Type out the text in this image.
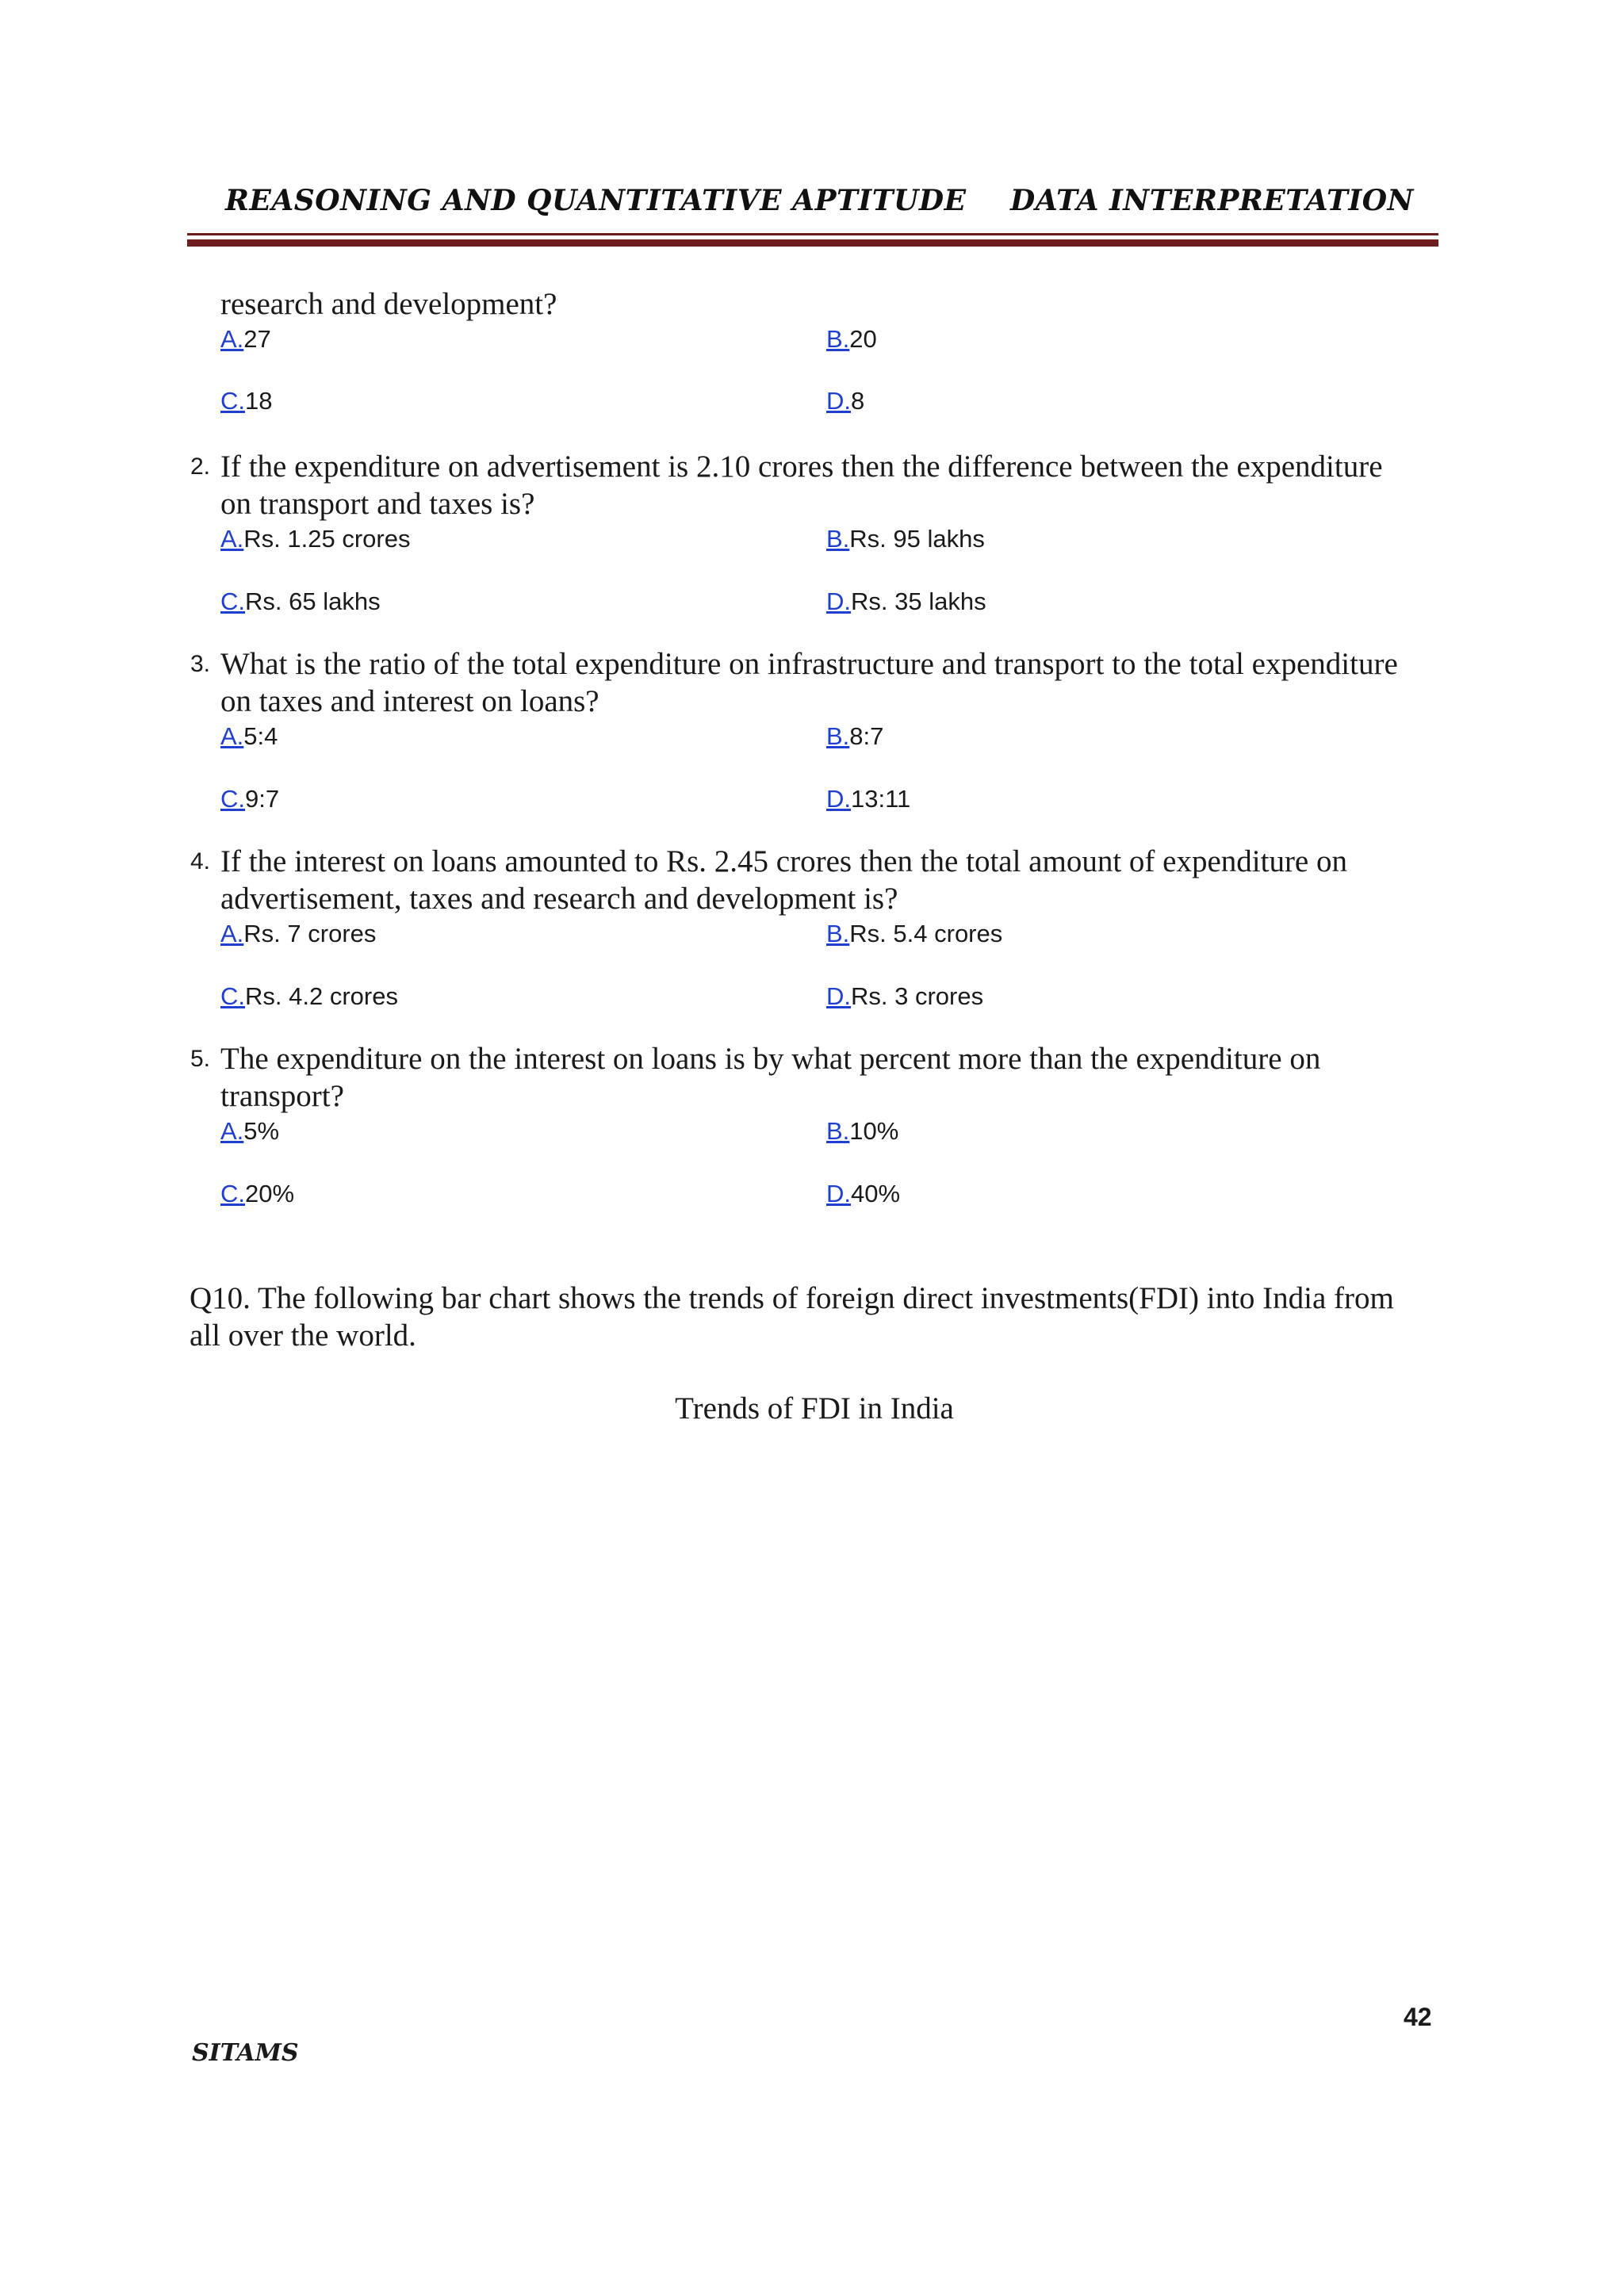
REASONING AND QUANTITATIVE APTITUDE DATA INTERPRETATION
research and development?
A.27	B.20
C.18	D.8
2. If the expenditure on advertisement is 2.10 crores then the difference between the expenditure
on transport and taxes is?
A.Rs. 1.25 crores	B.Rs. 95 lakhs
C.Rs. 65 lakhs	D.Rs. 35 lakhs
3. What is the ratio of the total expenditure on infrastructure and transport to the total expenditure
on taxes and interest on loans?
A.5:4	B.8:7
C.9:7	D.13:11
4. If the interest on loans amounted to Rs. 2.45 crores then the total amount of expenditure on
advertisement, taxes and research and development is?
A.Rs. 7 crores	B.Rs. 5.4 crores
C.Rs. 4.2 crores	D.Rs. 3 crores
5. The expenditure on the interest on loans is by what percent more than the expenditure on
transport?
A.5%	B.10%
C.20%	D.40%
Q10. The following bar chart shows the trends of foreign direct investments(FDI) into India from
all over the world.
Trends of FDI in India
42
SITAMS
